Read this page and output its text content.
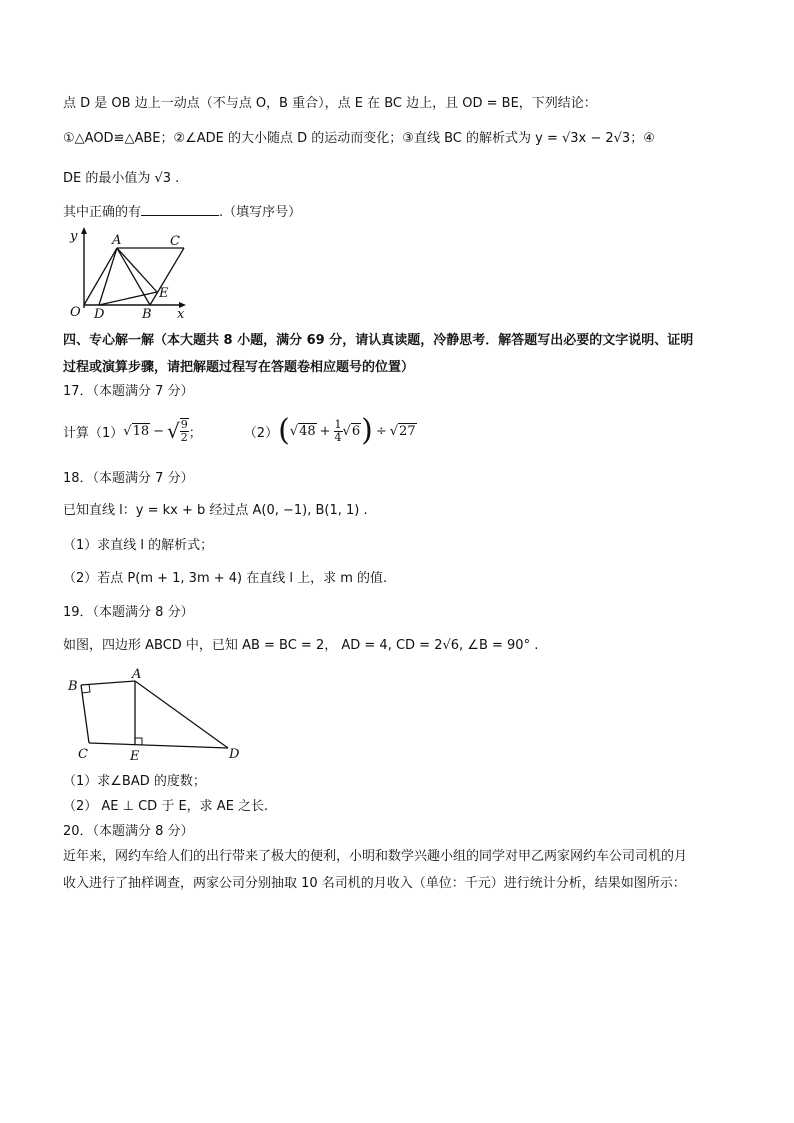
点 D 是 OB 边上一动点（不与点 O，B 重合），点 E 在 BC 边上，且 OD = BE，下列结论：
①△AOD≌△ABE；②∠ADE 的大小随点 D 的运动而变化；③直线 BC 的解析式为 y = √3x − 2√3；④
DE 的最小值为 √3 .
其中正确的有	.（填写序号）
y	A	C
E
O D	B x
四、专心解一解（本大题共 8 小题，满分 69 分，请认真读题，冷静思考．解答题写出必要的文字说明、证明
过程或演算步骤，请把解题过程写在答题卷相应题号的位置）
17．（本题满分 7 分）
计算（1） √ 18 − √ $\frac{9}{2}$ ；	（2） ( √ $48 + \frac{1}{4}$ √ 6 ) ÷ √ 27
18．（本题满分 7 分）
已知直线 l：y = kx + b 经过点 A(0, −1), B(1, 1) .
（1）求直线 l 的解析式；
（2）若点 P(m + 1, 3m + 4) 在直线 l 上，求 m 的值.
19．（本题满分 8 分）
如图，四边形 ABCD 中，已知 AB = BC = 2， AD = 4, CD = 2√6, ∠B = 90° .
B
A
C	E	D
（1）求∠BAD 的度数；
（2） AE ⊥ CD 于 E，求 AE 之长.
20．（本题满分 8 分）
近年来，网约车给人们的出行带来了极大的便利，小明和数学兴趣小组的同学对甲乙两家网约车公司司机的月
收入进行了抽样调查，两家公司分别抽取 10 名司机的月收入（单位：千元）进行统计分析，结果如图所示：
